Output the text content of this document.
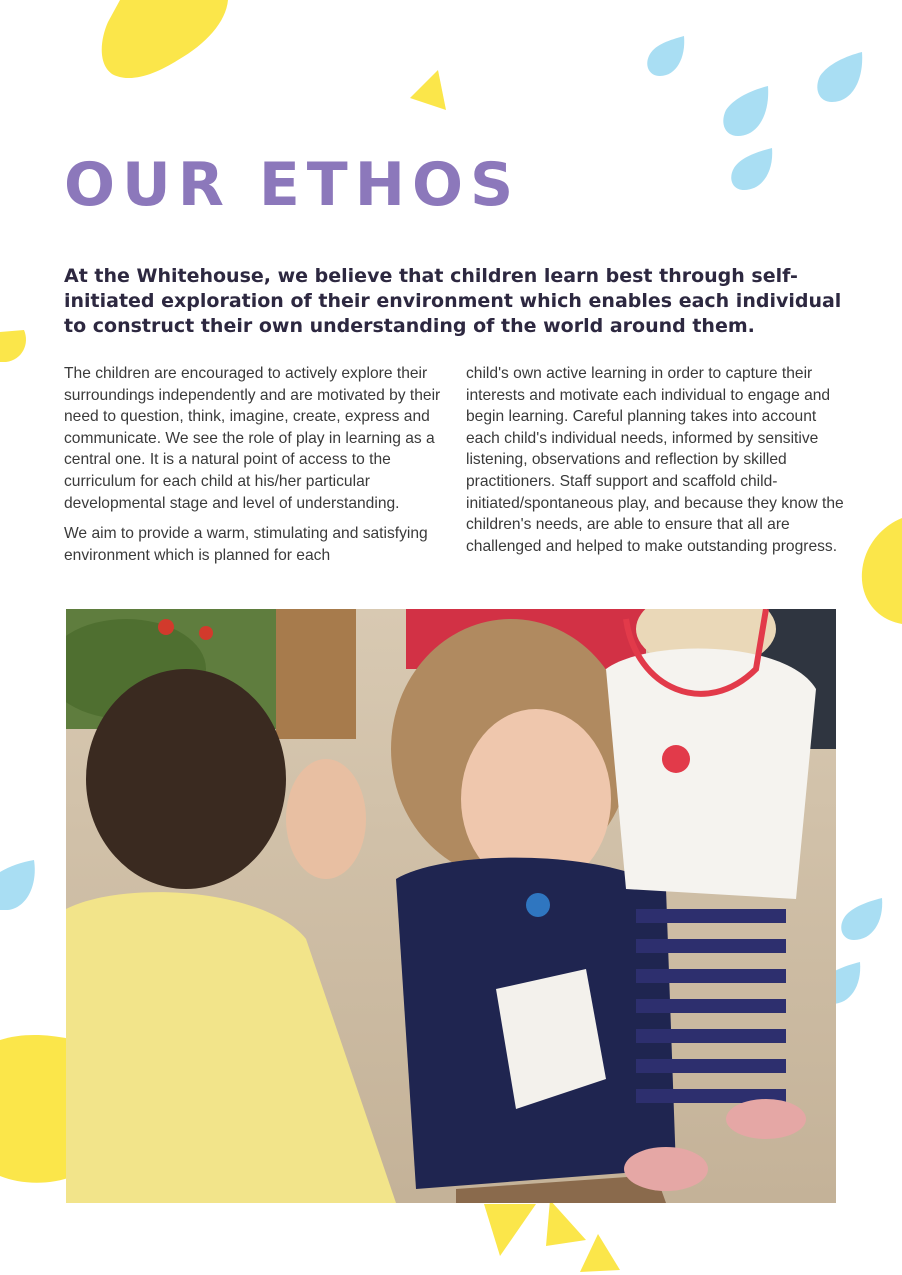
OUR ETHOS

At the Whitehouse, we believe that children learn best through self-initiated exploration of their environment which enables each individual to construct their own understanding of the world around them.

The children are encouraged to actively explore their surroundings independently and are motivated by their need to question, think, imagine, create, express and communicate. We see the role of play in learning as a central one. It is a natural point of access to the curriculum for each child at his/her particular developmental stage and level of understanding.

We aim to provide a warm, stimulating and satisfying environment which is planned for each

child's own active learning in order to capture their interests and motivate each individual to engage and begin learning. Careful planning takes into account each child's individual needs, informed by sensitive listening, observations and reflection by skilled practitioners. Staff support and scaffold child-initiated/spontaneous play, and because they know the children's needs, are able to ensure that all are challenged and helped to make outstanding progress.
